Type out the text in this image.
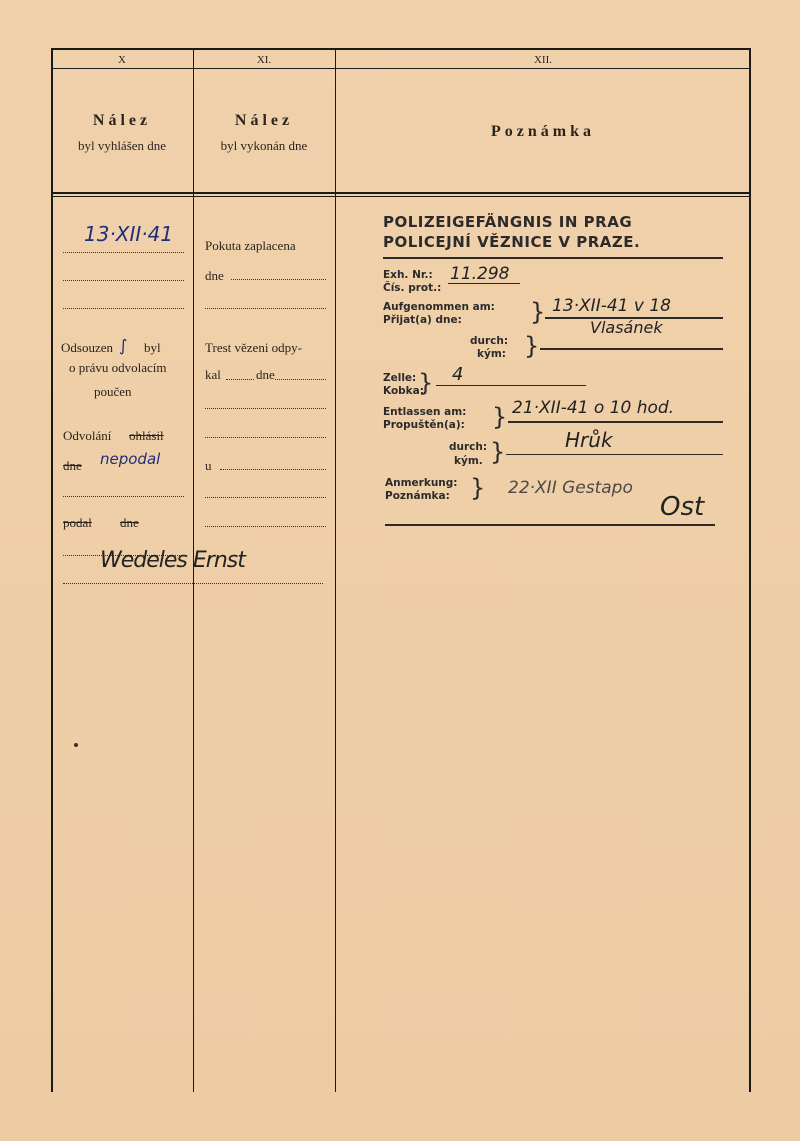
X	XI.	XII.
Nález
byl vyhlášen dne
Nález
byl vykonán dne
Poznámka
13·XII·41
Odsouzen ∫ byl
o právu odvolacím
poučen
Odvolání ohlásil
dne nepodal
podal dne
Wedeles Ernst
Pokuta zaplacena
dne
Trest vězeni odpy-
kal	dne
u
POLIZEIGEFÄNGNIS IN PRAG
POLICEJNÍ VĚZNICE V PRAZE.
Exh. Nr.:
Čís. prot.:
11.298
Aufgenommen am:
Přijat(a) dne:	} 13·XII-41 v 18
durch:
kým: }
Vlasánek
Zelle:
Kobka:
} 4
Entlassen am:
Propuštěn(a): } 21·XII-41 o 10 hod.
durch:
kým. }	Hrůk
Anmerkung:
Poznámka: } 22·XII Gestapo
Ost
